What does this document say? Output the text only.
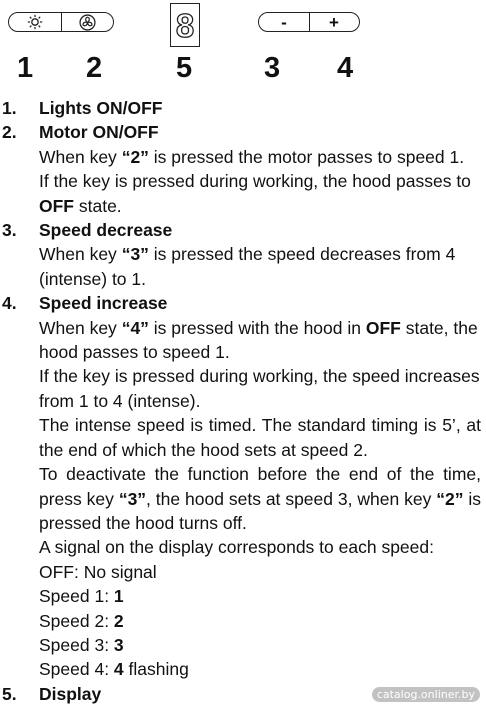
8	- +
1 2	5 3 4
1. Lights ON/OFF
2. Motor ON/OFF

When key “2” is pressed the motor passes to speed 1.

If the key is pressed during working, the hood passes to OFF state.

3. Speed decrease

When key “3” is pressed the speed decreases from 4 (intense) to 1.

4. Speed increase

When key “4” is pressed with the hood in OFF state, the hood passes to speed 1.

If the key is pressed during working, the speed increases from 1 to 4 (intense).

The intense speed is timed. The standard timing is 5’, at the end of which the hood sets at speed 2.

To deactivate the function before the end of the time, press key “3”, the hood sets at speed 3, when key “2” is pressed the hood turns off.

A signal on the display corresponds to each speed:

OFF: No signal

Speed 1: 1

Speed 2: 2

Speed 3: 3

Speed 4: 4 flashing

5. Display	catalog.onliner.by
